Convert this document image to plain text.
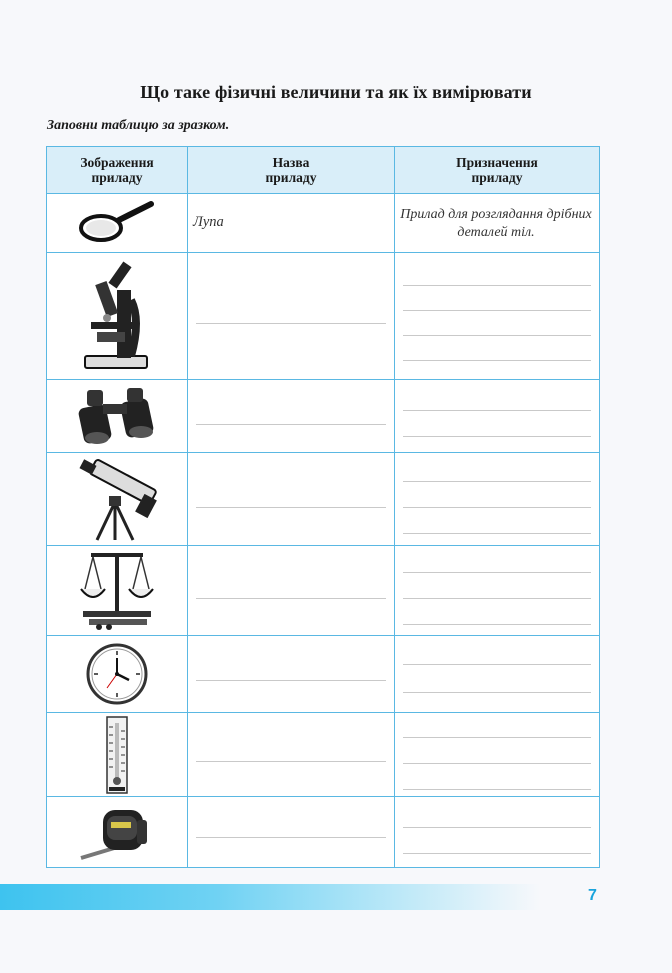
Що таке фізичні величини та як їх вимірювати
Заповни таблицю за зразком.
Зображення приладу	Назва приладу	Призначення приладу

Лупа	Прилад для розглядання дрібних деталей тіл.

7
